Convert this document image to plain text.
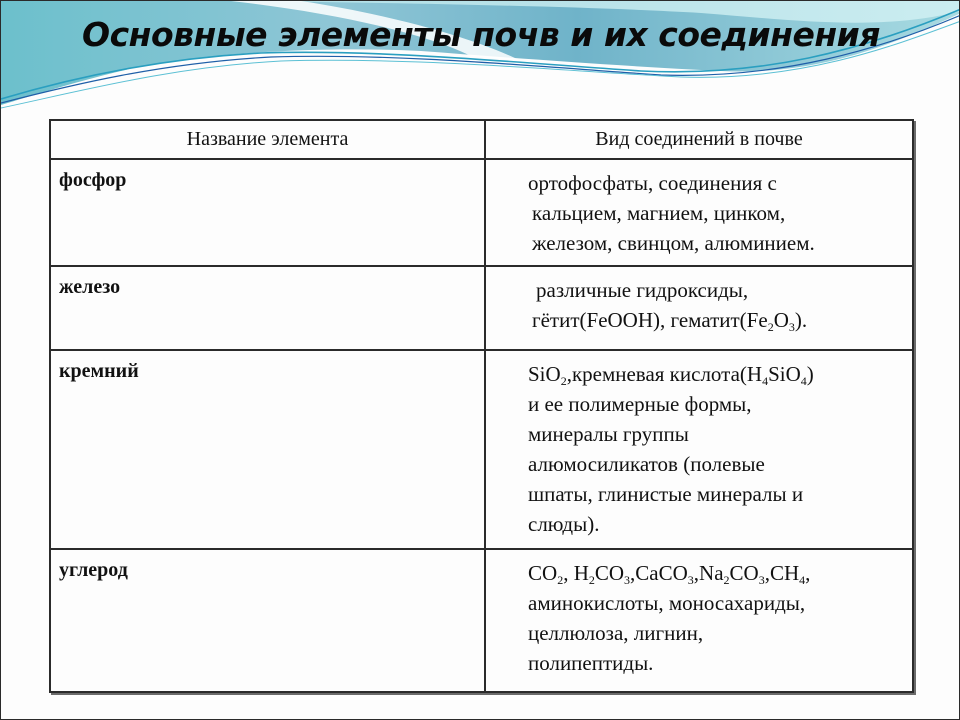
Основные элементы почв и их соединения
Название элемента	Вид соединений в почве
фосфор	ортофосфаты, соединения с
кальцием, магнием, цинком,
железом, свинцом, алюминием.

железо	различные гидроксиды,
гётит(FeOOH), $гематит(Fe_2O_3)$.

кремний	SiO$_2$,кремневая $кислота(H_4SiO_4)$
и ее полимерные формы,
минералы группы
алюмосиликатов (полевые
шпаты, глинистые минералы и
слюды).

углерод	$CO_2$, $H_2CO_3,CaCO_3,Na_2CO_3,CH_4$,
аминокислоты, моносахариды,
целлюлоза, лигнин,
полипептиды.
